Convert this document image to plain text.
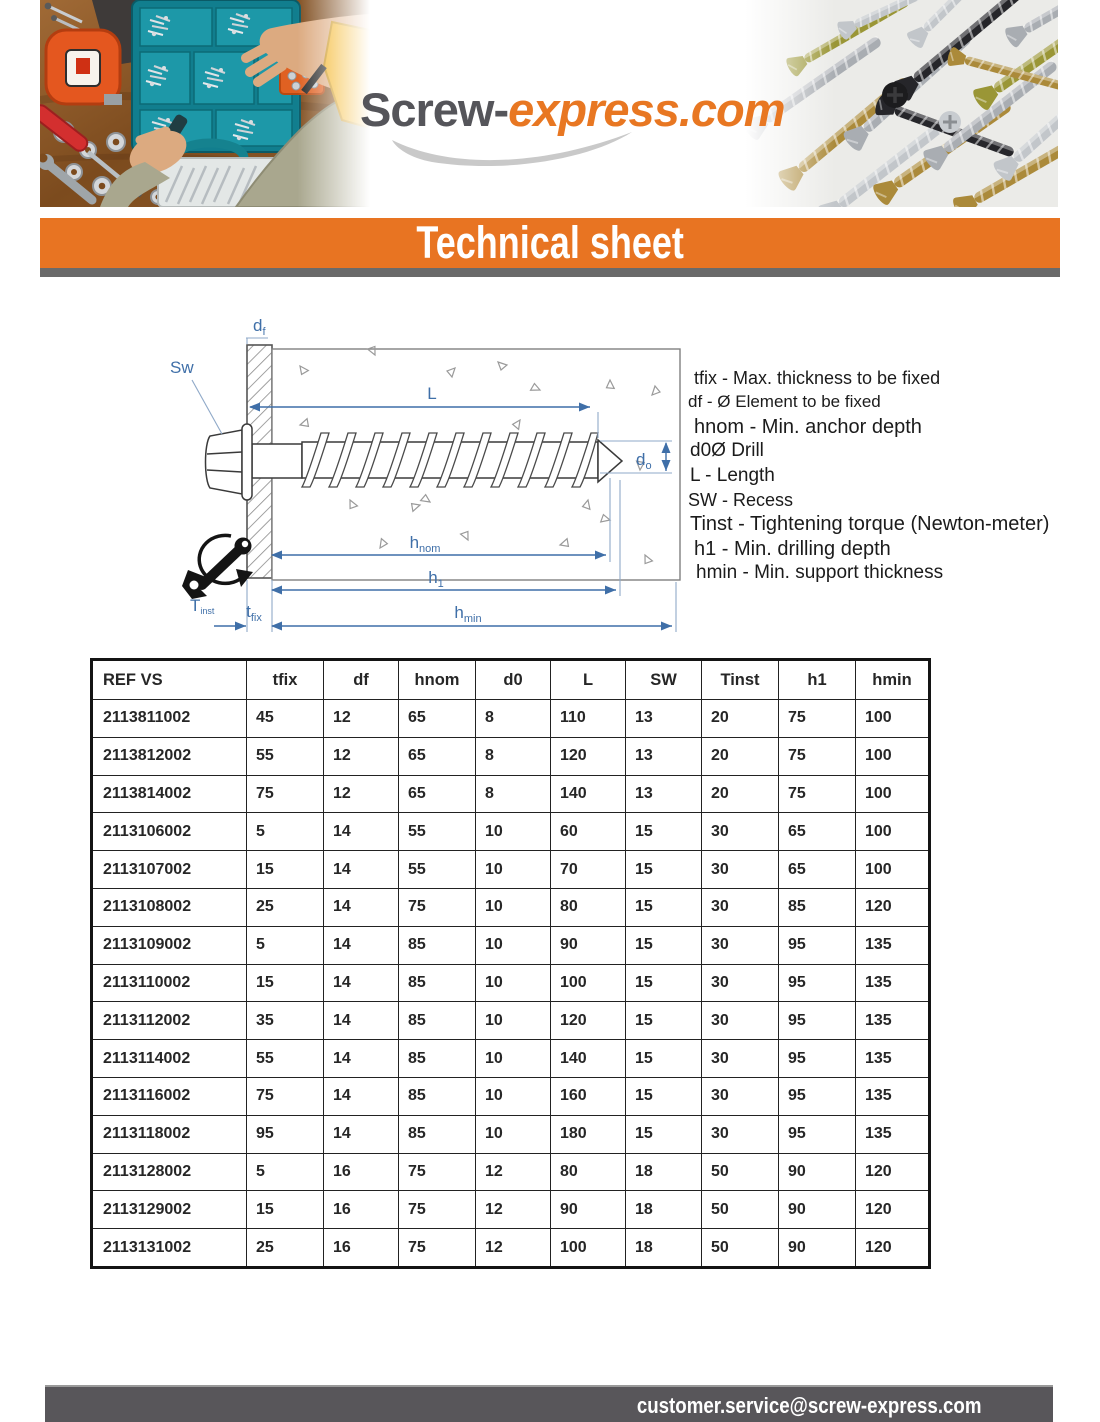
Screw-express.com
Technical sheet
Sw
$d_f$
L
$d_o$
$h_{nom}$
$h_1$
$h_{min}$
$t_{fix}$
Tinst
tfix - Max. thickness to be fixed
df - Ø Element to be fixed
hnom - Min. anchor depth
d0Ø Drill
L - Length
SW - Recess
Tinst - Tightening torque (Newton-meter)
h1 - Min. drilling depth
hmin - Min. support thickness
REF VS	tfix	df	hnom	d0	L	SW	Tinst	h1	hmin
2113811002	45	12	65	8	110	13	20	75	100
2113812002	55	12	65	8	120	13	20	75	100
2113814002	75	12	65	8	140	13	20	75	100
2113106002	5	14	55	10	60	15	30	65	100
2113107002	15	14	55	10	70	15	30	65	100
2113108002	25	14	75	10	80	15	30	85	120
2113109002	5	14	85	10	90	15	30	95	135
2113110002	15	14	85	10	100	15	30	95	135
2113112002	35	14	85	10	120	15	30	95	135
2113114002	55	14	85	10	140	15	30	95	135
2113116002	75	14	85	10	160	15	30	95	135
2113118002	95	14	85	10	180	15	30	95	135
2113128002	5	16	75	12	80	18	50	90	120
2113129002	15	16	75	12	90	18	50	90	120
2113131002	25	16	75	12	100	18	50	90	120
customer.service@screw-express.com
